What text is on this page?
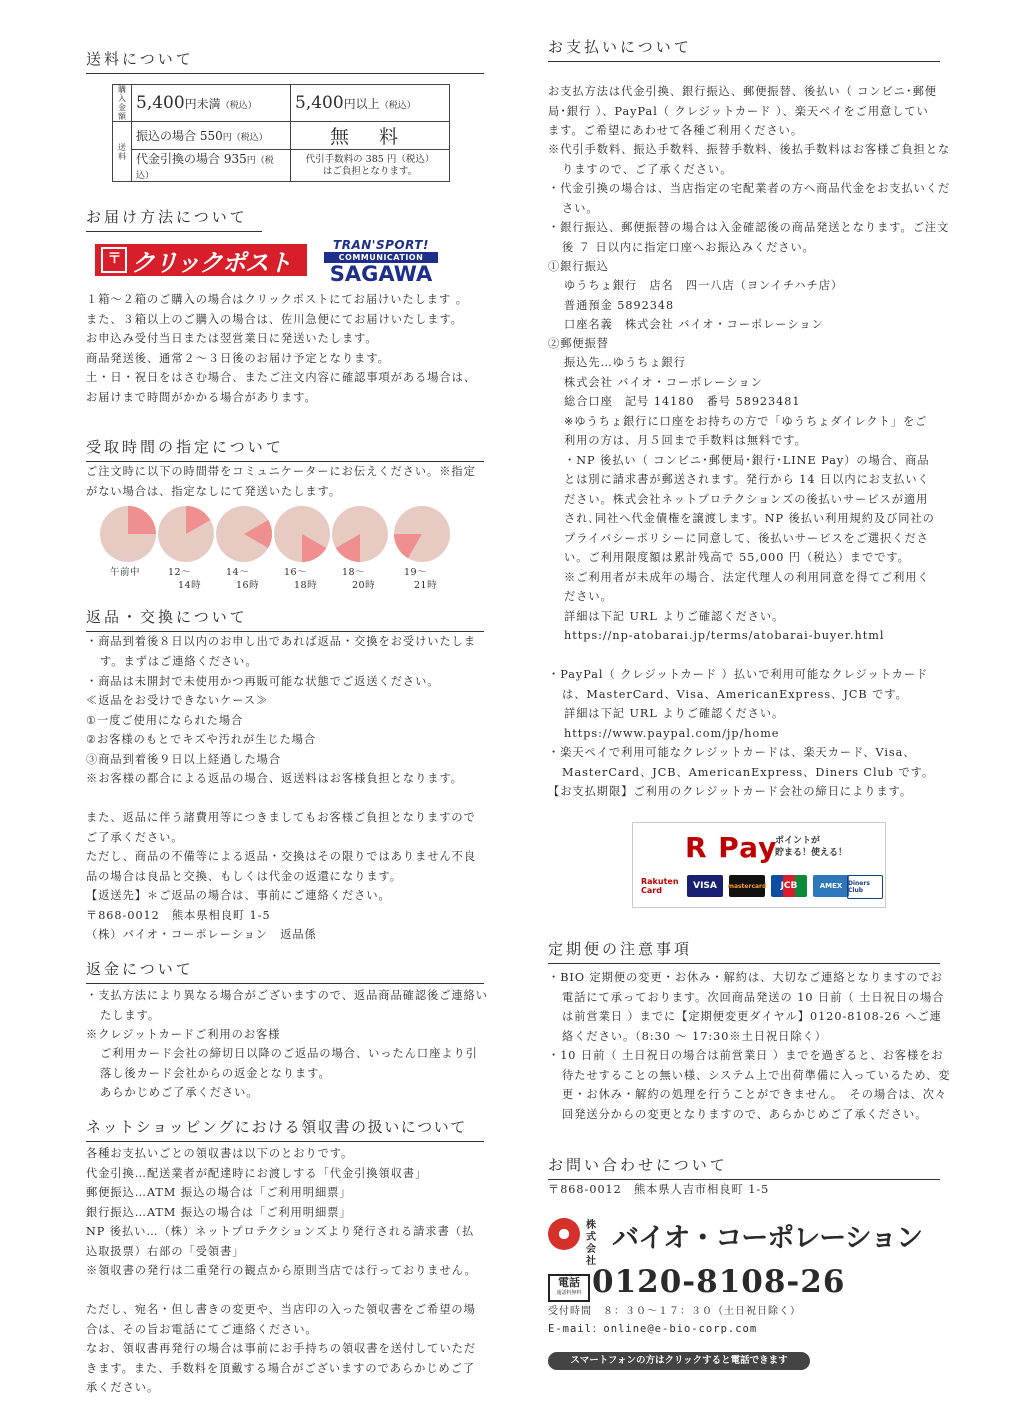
送料について
購入金額	5,400円未満（税込）	5,400円以上（税込）
送料	振込の場合 550円（税込）	無 料
	代金引換の場合 935円（税込）	代引手数料の 385 円（税込）
はご負担となります。
お届け方法について
〒 クリックポスト
TRAN'SPORT!
COMMUNICATION
SAGAWA
１箱～２箱のご購入の場合はクリックポストにてお届けいたします 。また、３箱以上のご購入の場合は、佐川急便にてお届けいたします。
お申込み受付当日または翌営業日に発送いたします。
商品発送後、通常２～３日後のお届け予定となります。
土・日・祝日をはさむ場合、またご注文内容に確認事項がある場合は、お届けまで時間がかかる場合があります。
受取時間の指定について
ご注文時に以下の時間帯をコミュニケーターにお伝えください。※指定がない場合は、指定なしにて発送いたします。
午前中	12～
　14時
14～
　16時
16～
　18時
18～
　20時
19～
　21時
返品・交換について
・商品到着後８日以内のお申し出であれば返品・交換をお受けいたします。まずはご連絡ください。
・商品は未開封で未使用かつ再販可能な状態でご返送ください。
≪返品をお受けできないケース≫
①一度ご使用になられた場合
②お客様のもとでキズや汚れが生じた場合
③商品到着後９日以上経過した場合
※お客様の都合による返品の場合、返送料はお客様負担となります。
また、返品に伴う諸費用等につきましてもお客様ご負担となりますのでご了承ください。
ただし、商品の不備等による返品・交換はその限りではありません不良品の場合は良品と交換、もしくは代金の返還になります。
【返送先】＊ご返品の場合は、事前にご連絡ください。
〒868-0012　熊本県相良町 1-5
（株）バイオ・コーポレーション　返品係
返金について
・支払方法により異なる場合がございますので、返品商品確認後ご連絡いたします。
※クレジットカードご利用のお客様
ご利用カード会社の締切日以降のご返品の場合、いったん口座より引落し後カード会社からの返金となります。
あらかじめご了承ください。
ネットショッピングにおける領収書の扱いについて
各種お支払いごとの領収書は以下のとおりです。
代金引換…配送業者が配達時にお渡しする「代金引換領収書」
郵便振込…ATM 振込の場合は「ご利用明細票」
銀行振込…ATM 振込の場合は「ご利用明細票」
NP 後払い…（株）ネットプロテクションズより発行される請求書（払込取扱票）右部の「受領書」
※領収書の発行は二重発行の観点から原則当店では行っておりません。
ただし、宛名・但し書きの変更や、当店印の入った領収書をご希望の場合は、その旨お電話にてご連絡ください。
なお、領収書再発行の場合は事前にお手持ちの領収書を送付していただきます。また、手数料を頂戴する場合がございますのであらかじめご了承ください。
お支払いについて
お支払方法は代金引換、銀行振込、郵便振替、後払い（ コンビニ･郵便局･銀行 ）、PayPal（ クレジットカード ）、楽天ペイをご用意しています。ご希望にあわせて各種ご利用ください。
※代引手数料、振込手数料、振替手数料、後払手数料はお客様ご負担となりますので、ご了承ください。
・代金引換の場合は、当店指定の宅配業者の方へ商品代金をお支払いください。
・銀行振込、郵便振替の場合は入金確認後の商品発送となります。ご注文後 ７ 日以内に指定口座へお振込みください。
①銀行振込
ゆうちょ銀行　店名　四一八店（ヨンイチハチ店）
普通預金 5892348
口座名義　株式会社 バイオ・コーポレーション
②郵便振替
振込先…ゆうちょ銀行
株式会社 バイオ・コーポレーション
総合口座　記号 14180　番号 58923481
※ゆうちょ銀行に口座をお持ちの方で「ゆうちょダイレクト」をご利用の方は、月５回まで手数料は無料です。
・NP 後払い（ コンビニ･郵便局･銀行･LINE Pay）の場合、商品とは別に請求書が郵送されます。発行から 14 日以内にお支払いください。株式会社ネットプロテクションズの後払いサービスが適用され､同社へ代金債権を譲渡します。NP 後払い利用規約及び同社のプライバシーポリシーに同意して、後払いサービスをご選択ください。ご利用限度額は累計残高で 55,000 円（税込）までです。
※ご利用者が未成年の場合、法定代理人の利用同意を得てご利用ください。
詳細は下記 URL よりご確認ください。
https://np-atobarai.jp/terms/atobarai-buyer.html
・PayPal（ クレジットカード ）払いで利用可能なクレジットカードは、MasterCard、Visa、AmericanExpress、JCB です。
詳細は下記 URL よりご確認ください。
https://www.paypal.com/jp/home
・楽天ペイで利用可能なクレジットカードは、楽天カード、Visa、MasterCard、JCB、AmericanExpress、Diners Club です。
【お支払期限】ご利用のクレジットカード会社の締日によります。
R Pay
ポイントが
貯まる！使える！
Rakuten Card	VISA	mastercard	JCB	AMEX Diners Club
定期便の注意事項
・BIO 定期便の変更・お休み・解約は、大切なご連絡となりますのでお電話にて承っております。次回商品発送の 10 日前（ 土日祝日の場合は前営業日 ）までに【定期便変更ダイヤル】0120-8108-26 へご連絡ください。（8:30 ～ 17:30※土日祝日除く）
・10 日前（ 土日祝日の場合は前営業日 ）までを過ぎると、お客様をお待たせすることの無い様、システム上で出荷準備に入っているため、変更・お休み・解約の処理を行うことができません。　その場合は、次々回発送分からの変更となりますので、あらかじめご了承ください。
お問い合わせについて
〒868-0012　熊本県人吉市相良町 1-5
株式
会社
バイオ・コーポレーション
電話
通話料無料 0120-8108-26
受付時間　８：３０～１７：３０（土日祝日除く）
E-mail：online@e-bio-corp.com
スマートフォンの方はクリックすると電話できます
